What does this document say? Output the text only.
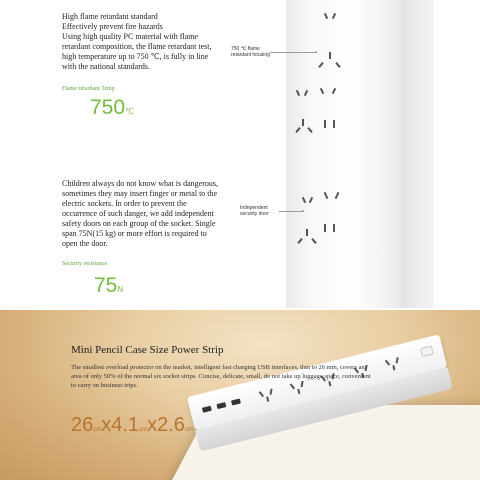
High flame retardant standard
Effectively prevent fire hazards
Using high quality PC material with flame retardant composition, the flame retardant test, high temperature up to 750 ℃, is fully in line with the national standards.
Flame retardant Temp
750℃
750 ℃ flame
retardant housing
Children always do not know what is dangerous, sometimes they may insert finger or metal to the electric sockets. In order to prevent the occurrence of such danger, we add independent safety doors on each group of the socket. Single span 75N(15 kg) or more effort is required to open the door.
Security resistance
75N
Independent
security door
Mini Pencil Case Size Power Strip
The smallest overload protector on the market, intelligent fast charging USB interfaces, thin to 26 mm, covers an area of only 50% of the normal six socket strips. Concise, delicate, small, do not take up luggage space, convenient to carry on business trips.
26cmx4.1cmx2.6cm
